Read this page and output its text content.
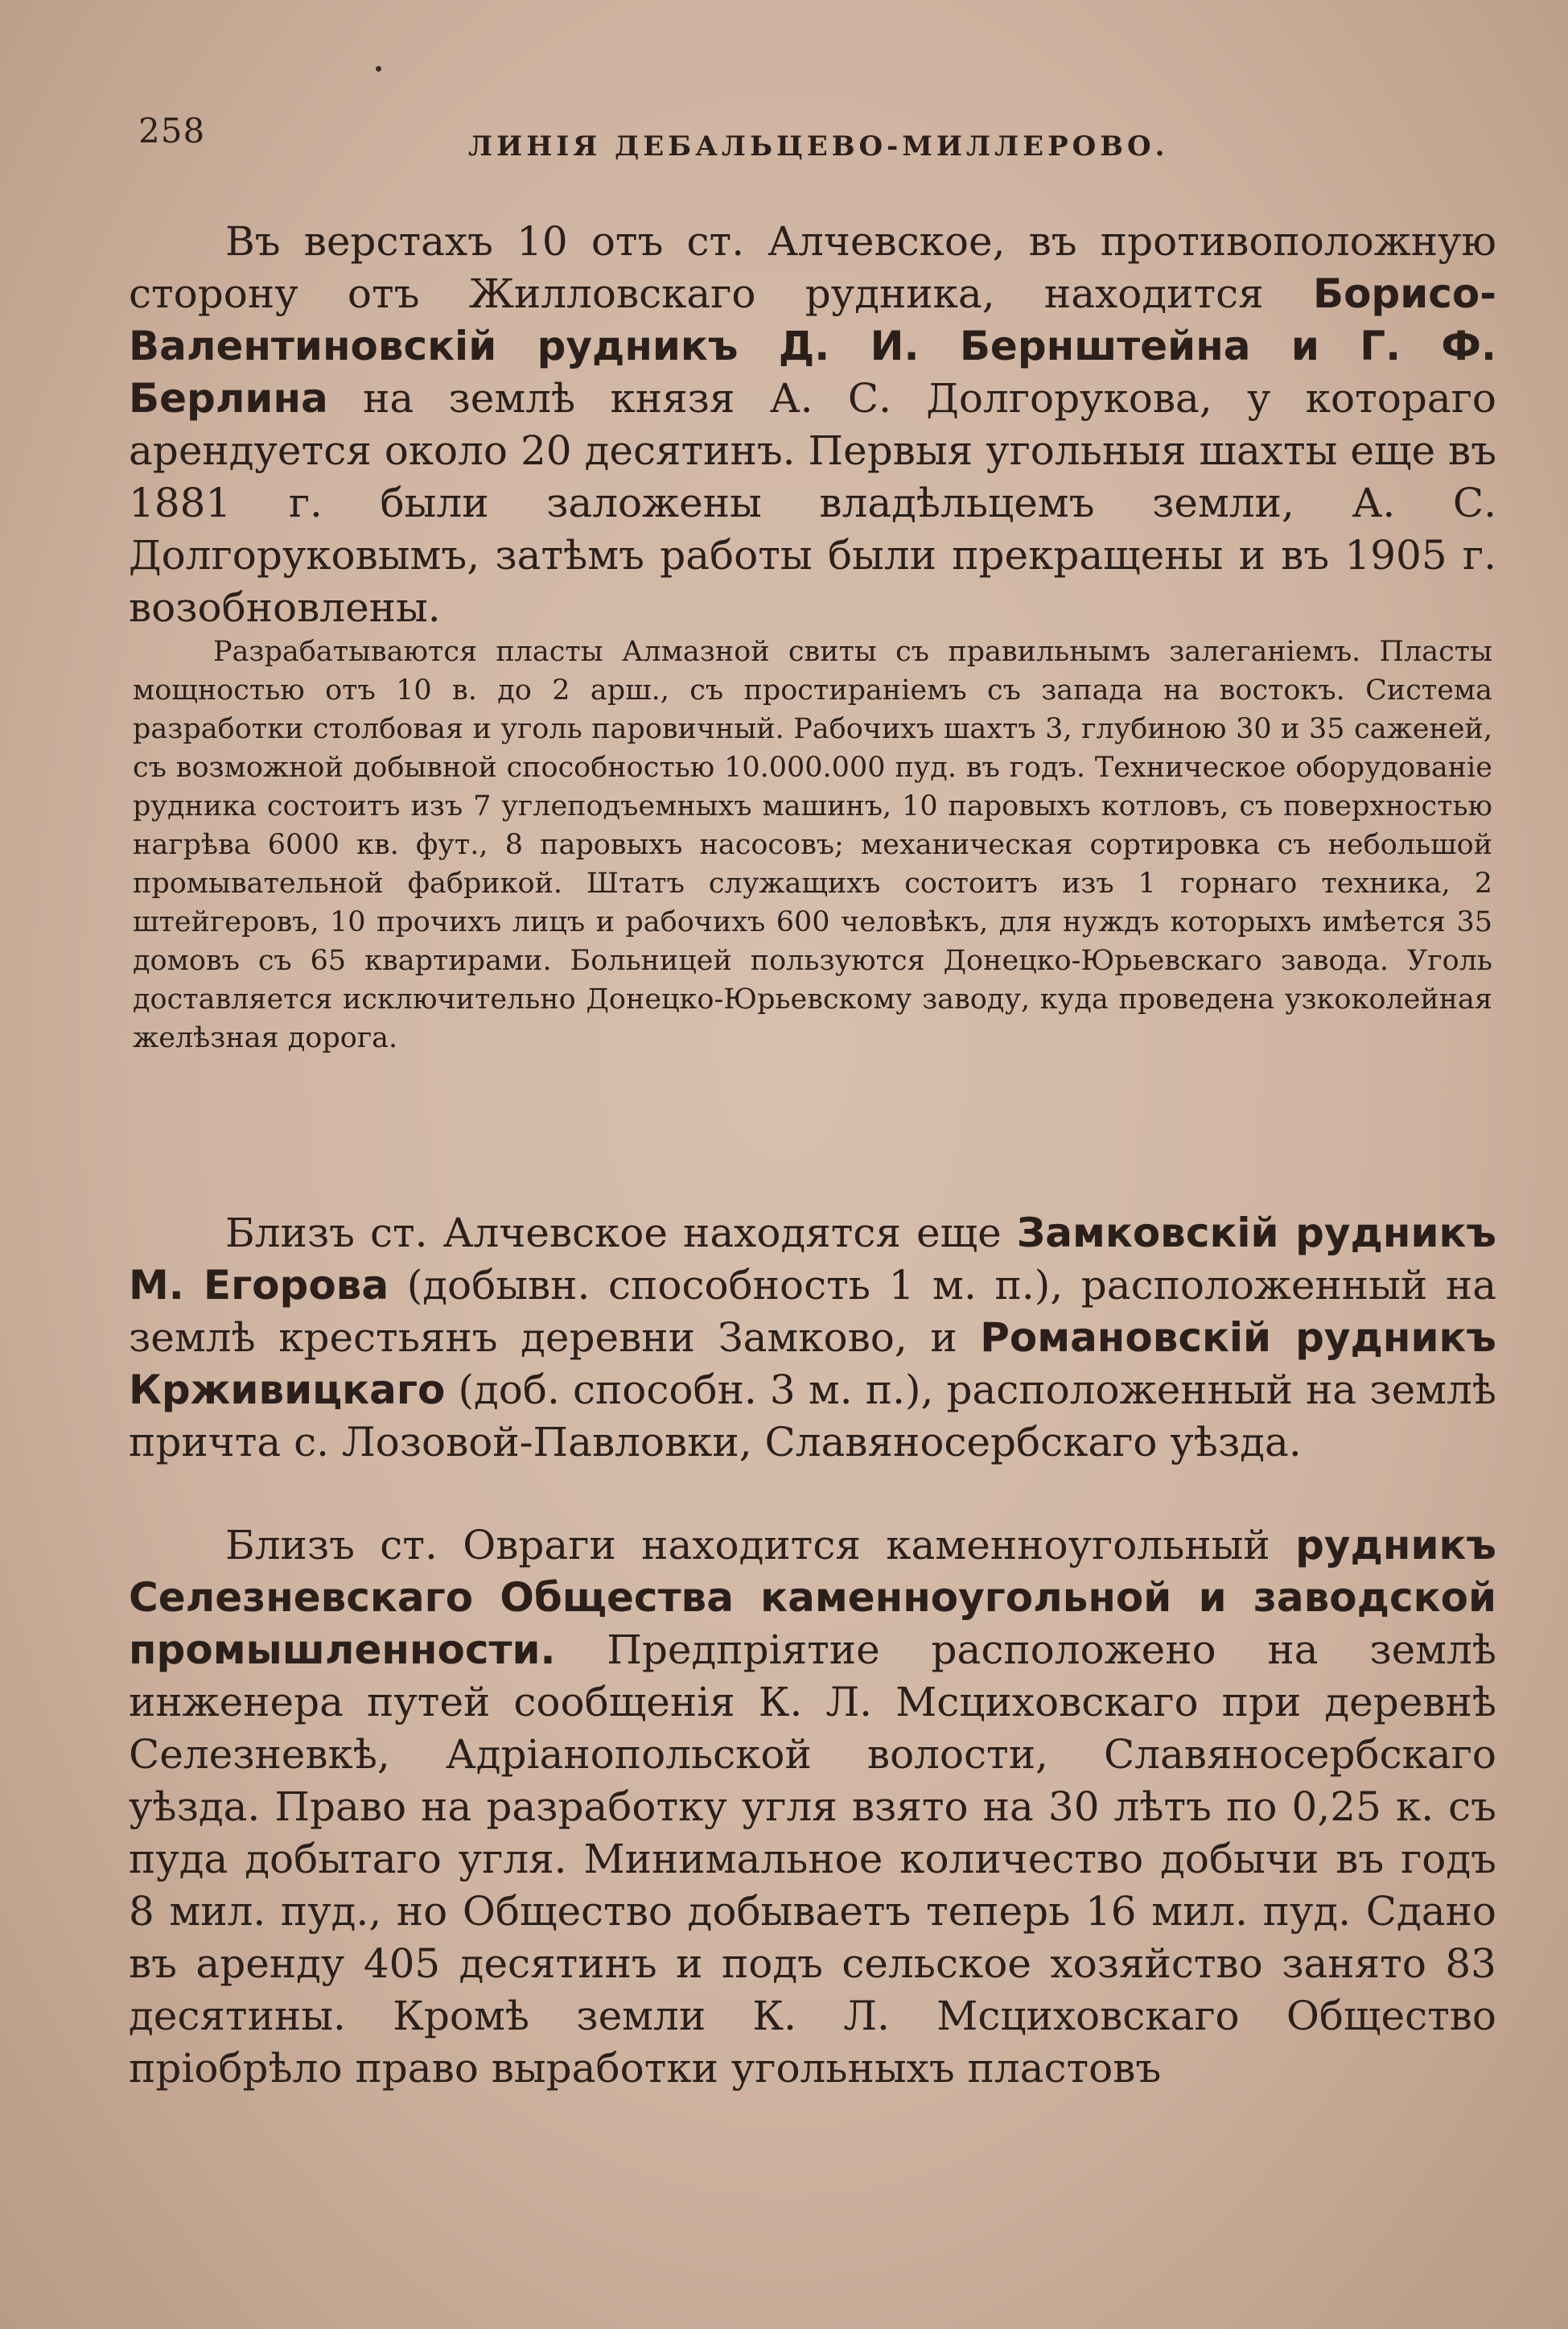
258	ЛИНІЯ ДЕБАЛЬЦЕВО-МИЛЛЕРОВО.

Въ верстахъ 10 отъ ст. Алчевское, въ противоположную сторону отъ Жилловскаго рудника, находится Борисо-Валентиновскій рудникъ Д. И. Бернштейна и Г. Ф. Берлина на землѣ князя А. С. Долгорукова, у котораго арендуется около 20 десятинъ. Первыя угольныя шахты еще въ 1881 г. были заложены владѣльцемъ земли, А. С. Долгоруковымъ, затѣмъ работы были прекращены и въ 1905 г. возобновлены.

Разрабатываются пласты Алмазной свиты съ правильнымъ залеганіемъ. Пласты мощностью отъ 10 в. до 2 арш., съ простираніемъ съ запада на востокъ. Система разработки столбовая и уголь паровичный. Рабочихъ шахтъ 3, глубиною 30 и 35 саженей, съ возможной добывной способностью 10.000.000 пуд. въ годъ. Техническое оборудованіе рудника состоитъ изъ 7 углеподъемныхъ машинъ, 10 паровыхъ котловъ, съ поверхностью нагрѣва 6000 кв. фут., 8 паровыхъ насосовъ; механическая сортировка съ небольшой промывательной фабрикой. Штатъ служащихъ состоитъ изъ 1 горнаго техника, 2 штейгеровъ, 10 прочихъ лицъ и рабочихъ 600 человѣкъ, для нуждъ которыхъ имѣется 35 домовъ съ 65 квартирами. Больницей пользуются Донецко-Юрьевскаго завода. Уголь доставляется исключительно Донецко-Юрьевскому заводу, куда проведена узкоколейная желѣзная дорога.

Близъ ст. Алчевское находятся еще Замковскій рудникъ М. Егорова (добывн. способность 1 м. п.), расположенный на землѣ крестьянъ деревни Замково, и Романовскій рудникъ Крживицкаго (доб. способн. 3 м. п.), расположенный на землѣ причта с. Лозовой-Павловки, Славяносербскаго уѣзда.

Близъ ст. Овраги находится каменноугольный рудникъ Селезневскаго Общества каменноугольной и заводской промышленности. Предпріятие расположено на землѣ инженера путей сообщенія К. Л. Мсциховскаго при деревнѣ Селезневкѣ, Адріанопольской волости, Славяносербскаго уѣзда. Право на разработку угля взято на 30 лѣтъ по 0,25 к. съ пуда добытаго угля. Минимальное количество добычи въ годъ 8 мил. пуд., но Общество добываетъ теперь 16 мил. пуд. Сдано въ аренду 405 десятинъ и подъ сельское хозяйство занято 83 десятины. Кромѣ земли К. Л. Мсциховскаго Общество пріобрѣло право выработки угольныхъ пластовъ
